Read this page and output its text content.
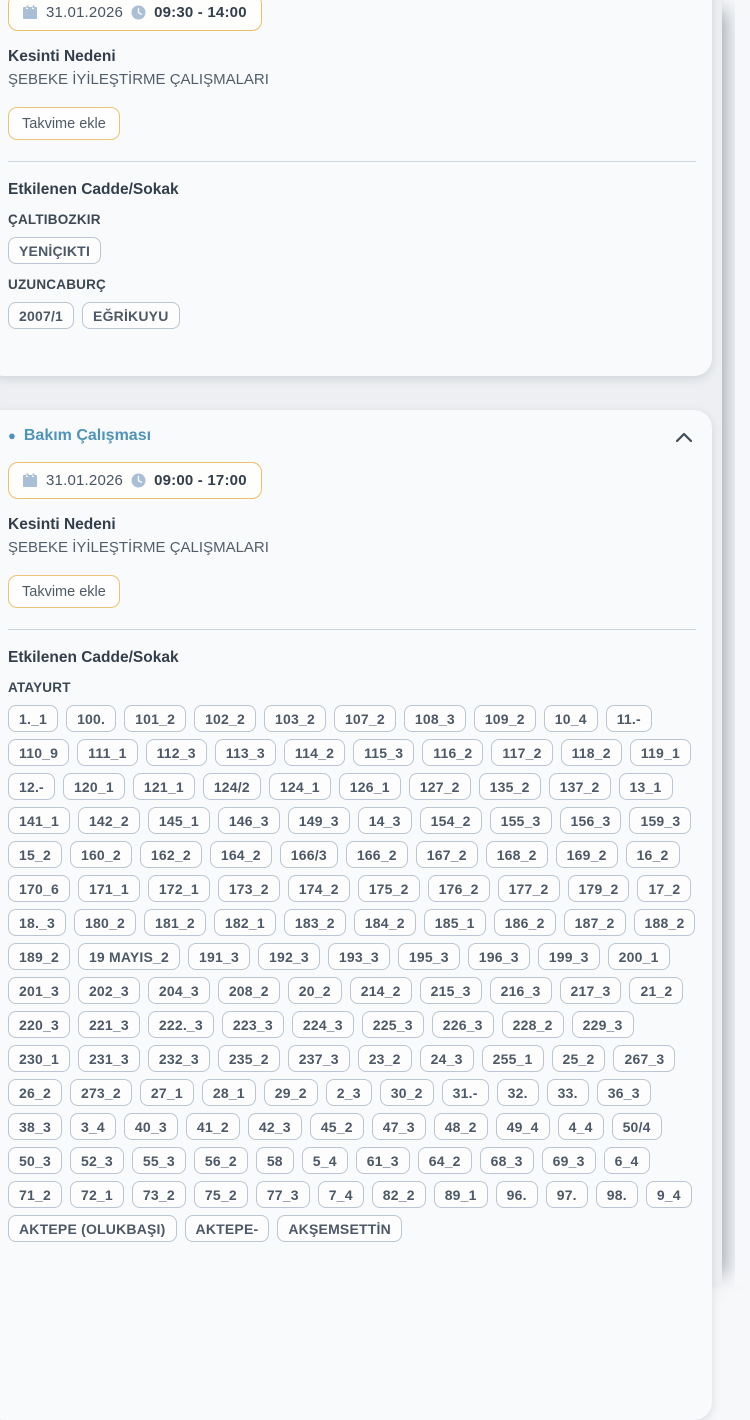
31.01.2026 09:30 - 14:00
Kesinti Nedeni
ŞEBEKE İYİLEŞTİRME ÇALIŞMALARI
Takvime ekle
Etkilenen Cadde/Sokak
ÇALTIBOZKIR
YENİÇIKTI
UZUNCABURÇ
2007/1	EĞRİKUYU
● Bakım Çalışması
31.01.2026 09:00 - 17:00
Kesinti Nedeni
ŞEBEKE İYİLEŞTİRME ÇALIŞMALARI
Takvime ekle
Etkilenen Cadde/Sokak
ATAYURT
1._1	100.	101_2	102_2	103_2	107_2	108_3	109_2	10_4	11.-
110_9	111_1	112_3	113_3	114_2	115_3	116_2	117_2	118_2	119_1
12.-	120_1	121_1	124/2	124_1	126_1	127_2	135_2	137_2	13_1
141_1	142_2	145_1	146_3	149_3	14_3	154_2	155_3	156_3	159_3
15_2	160_2	162_2	164_2	166/3	166_2	167_2	168_2	169_2	16_2
170_6	171_1	172_1	173_2	174_2	175_2	176_2	177_2	179_2	17_2
18._3	180_2	181_2	182_1	183_2	184_2	185_1	186_2	187_2	188_2
189_2	19 MAYIS_2	191_3	192_3	193_3	195_3	196_3	199_3	200_1
201_3	202_3	204_3	208_2	20_2	214_2	215_3	216_3	217_3	21_2
220_3	221_3	222._3	223_3	224_3	225_3	226_3	228_2	229_3
230_1	231_3	232_3	235_2	237_3	23_2	24_3	255_1	25_2	267_3
26_2	273_2	27_1	28_1	29_2	2_3	30_2	31.-	32.	33.	36_3
38_3	3_4	40_3	41_2	42_3	45_2	47_3	48_2	49_4	4_4	50/4
50_3	52_3	55_3	56_2	58	5_4	61_3	64_2	68_3	69_3	6_4
71_2	72_1	73_2	75_2	77_3	7_4	82_2	89_1	96.	97.	98.	9_4
AKTEPE (OLUKBAŞI)	AKTEPE-	AKŞEMSETTİN
